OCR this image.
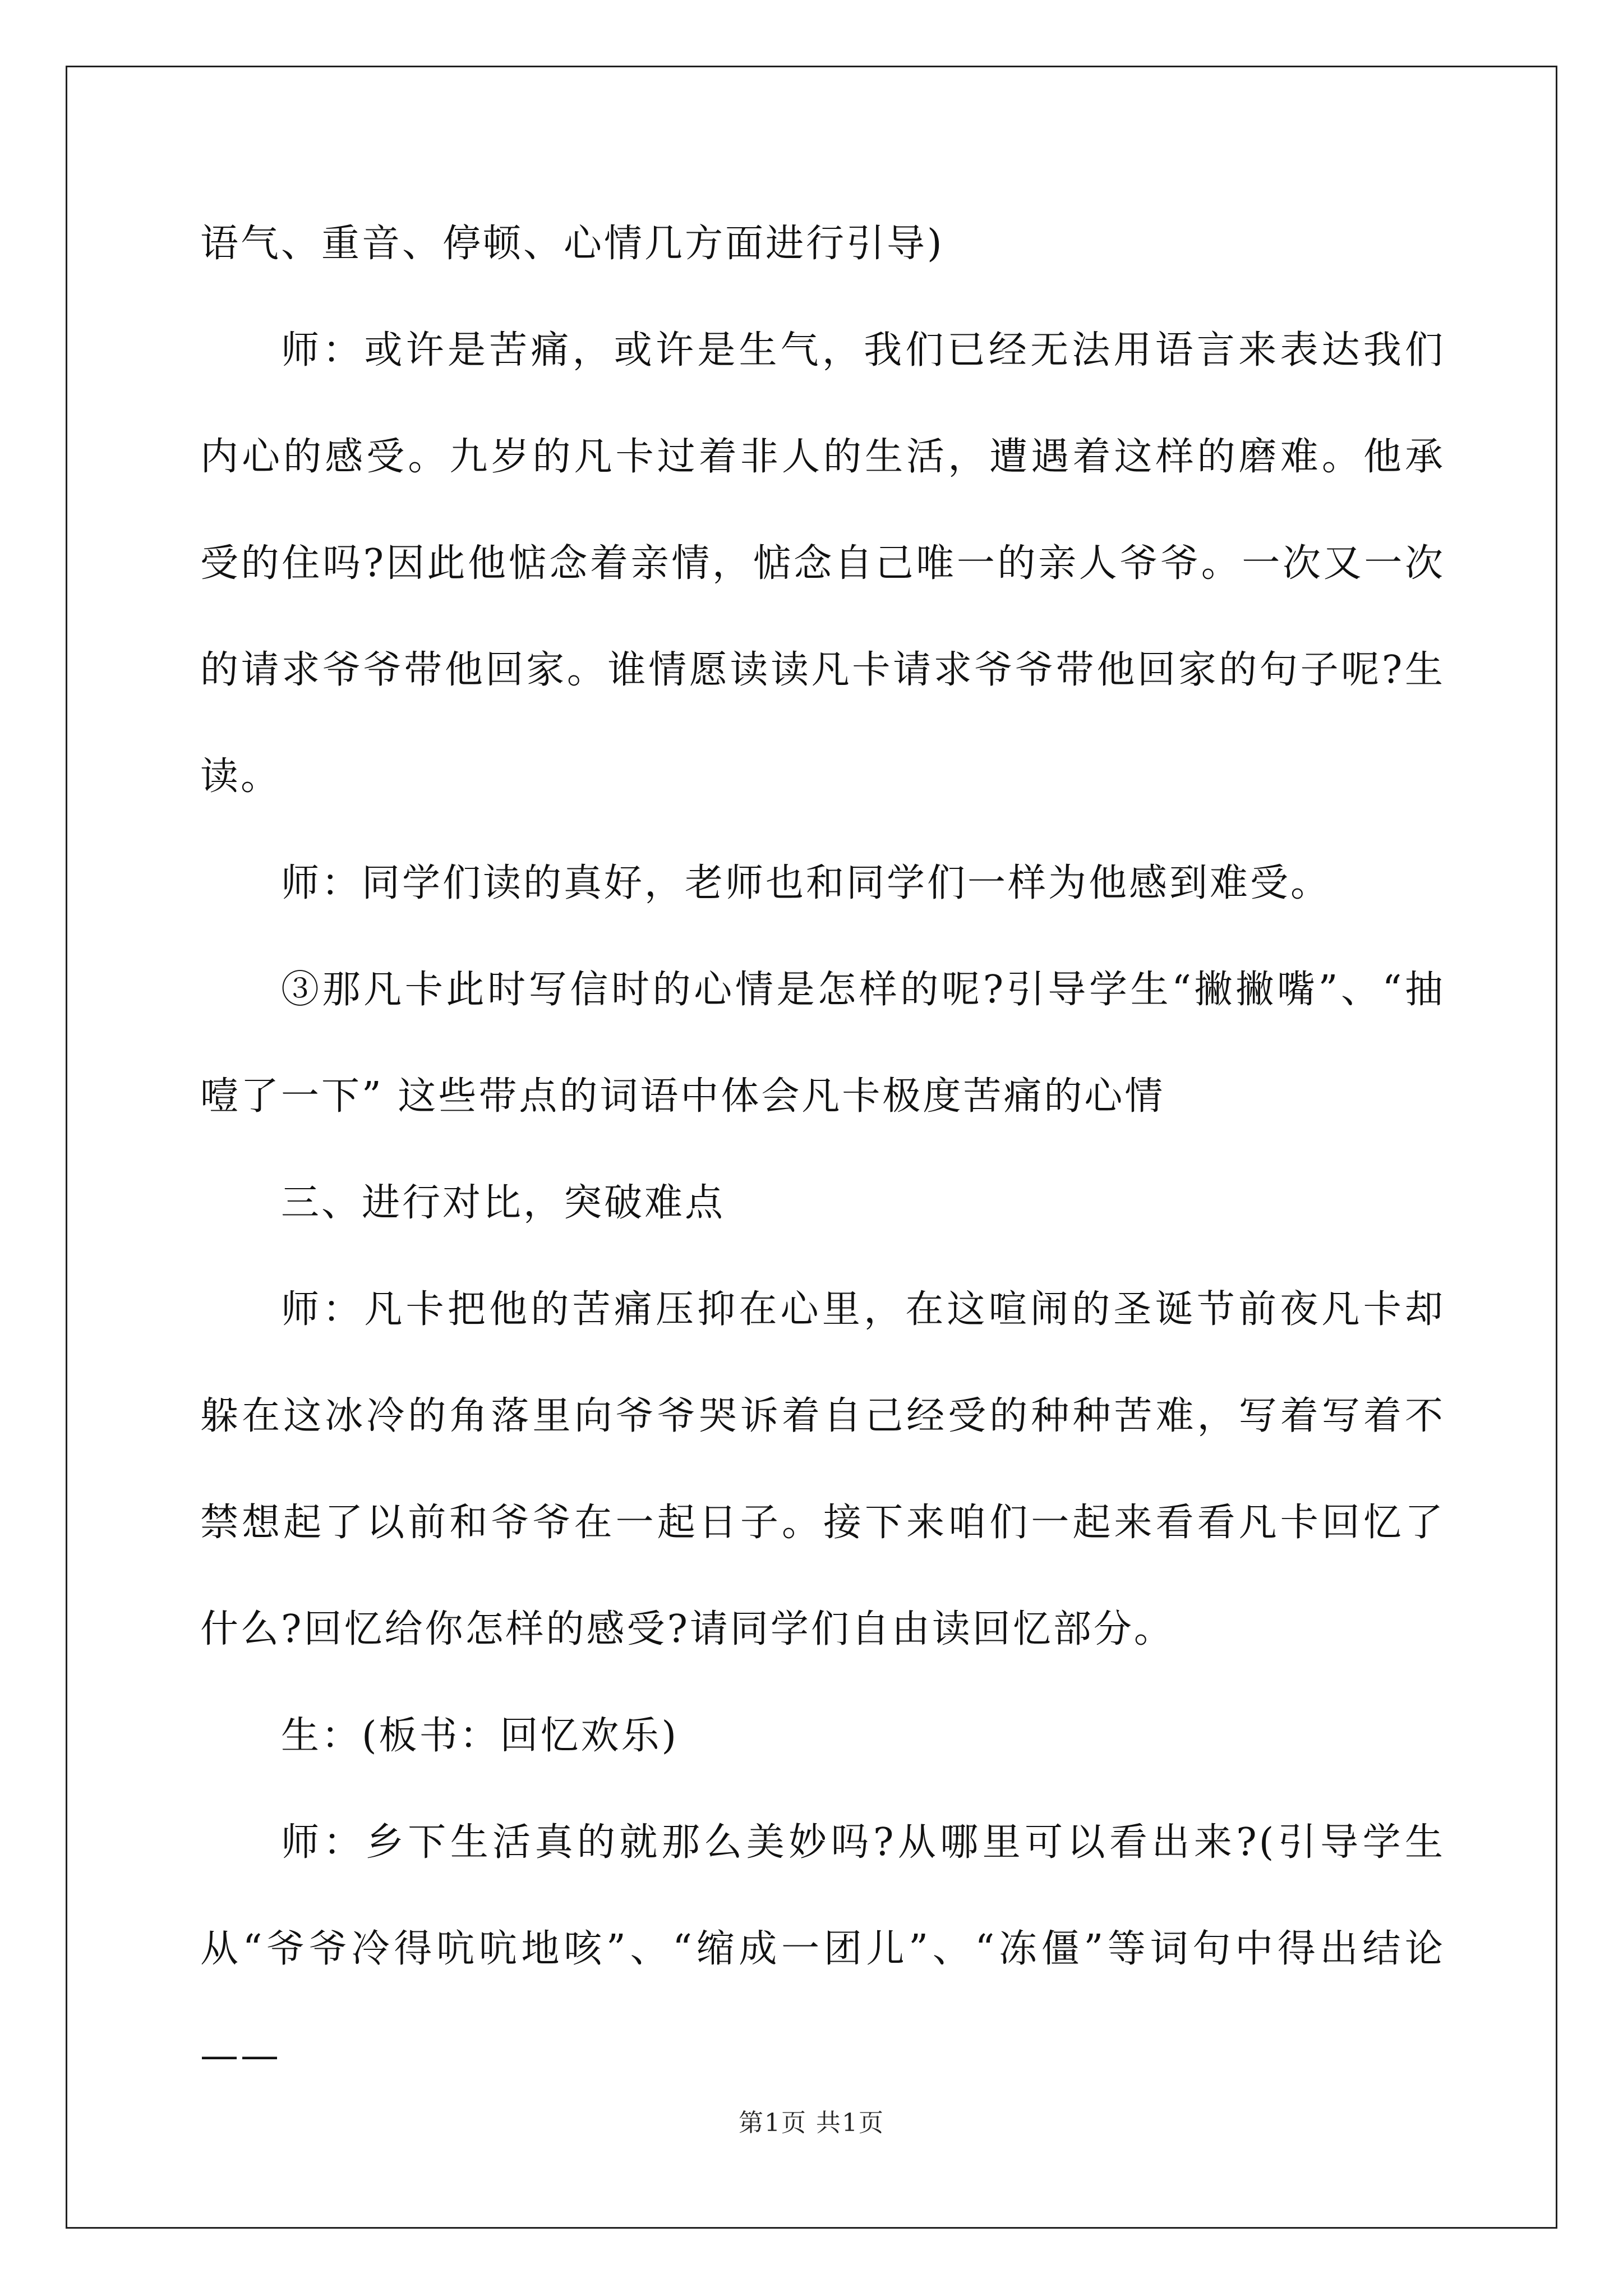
语气、重音、停顿、心情几方面进行引导)

师：或许是苦痛，或许是生气，我们已经无法用语言来表达我们内心的感受。九岁的凡卡过着非人的生活，遭遇着这样的磨难。他承受的住吗?因此他惦念着亲情，惦念自己唯一的亲人爷爷。一次又一次的请求爷爷带他回家。谁情愿读读凡卡请求爷爷带他回家的句子呢?生读。

师：同学们读的真好，老师也和同学们一样为他感到难受。

③那凡卡此时写信时的心情是怎样的呢?引导学生“撇撇嘴”、“抽噎了一下” 这些带点的词语中体会凡卡极度苦痛的心情

三、进行对比，突破难点

师：凡卡把他的苦痛压抑在心里，在这喧闹的圣诞节前夜凡卡却躲在这冰冷的角落里向爷爷哭诉着自己经受的种种苦难，写着写着不禁想起了以前和爷爷在一起日子。接下来咱们一起来看看凡卡回忆了什么?回忆给你怎样的感受?请同学们自由读回忆部分。

生：(板书：回忆欢乐)

师：乡下生活真的就那么美妙吗?从哪里可以看出来?(引导学生从“爷爷冷得吭吭地咳”、“缩成一团儿”、“冻僵”等词句中得出结论——

第1页 共1页
